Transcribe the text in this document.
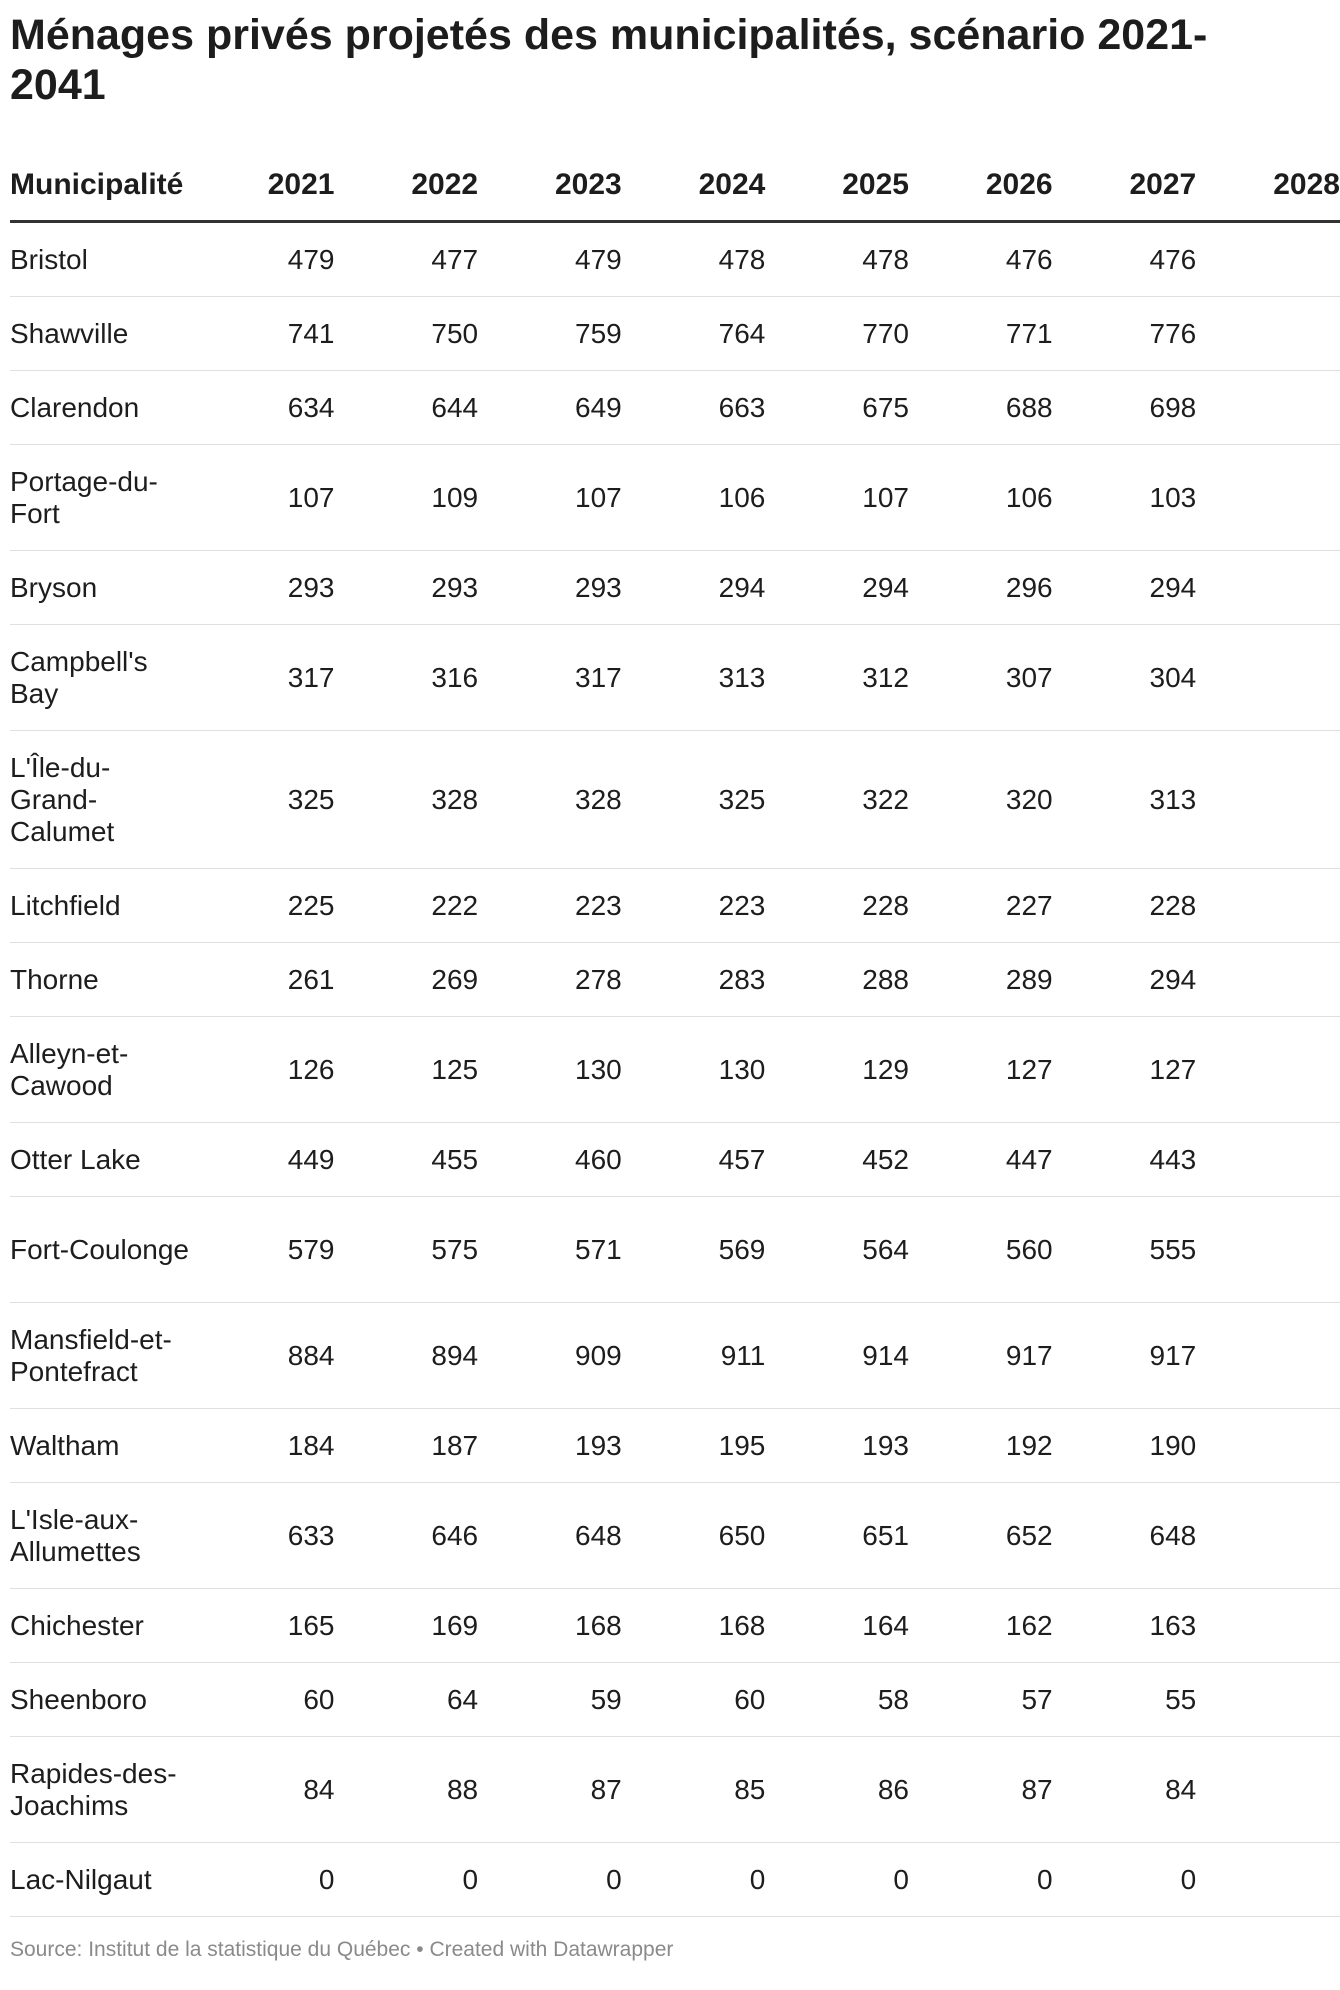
Ménages privés projetés des municipalités, scénario 2021-2041
Municipalité	2021	2022	2023	2024	2025	2026	2027	2028
Bristol	479	477	479	478	478	476	476	
Shawville	741	750	759	764	770	771	776	
Clarendon	634	644	649	663	675	688	698	
Portage-du-Fort	107	109	107	106	107	106	103	
Bryson	293	293	293	294	294	296	294	
Campbell's Bay	317	316	317	313	312	307	304	
L'Île-du-Grand-Calumet	325	328	328	325	322	320	313	
Litchfield	225	222	223	223	228	227	228	
Thorne	261	269	278	283	288	289	294	
Alleyn-et-Cawood	126	125	130	130	129	127	127	
Otter Lake	449	455	460	457	452	447	443	
Fort-Coulonge	579	575	571	569	564	560	555	
Mansfield-et-Pontefract	884	894	909	911	914	917	917	
Waltham	184	187	193	195	193	192	190	
L'Isle-aux-Allumettes	633	646	648	650	651	652	648	
Chichester	165	169	168	168	164	162	163	
Sheenboro	60	64	59	60	58	57	55	
Rapides-des-Joachims	84	88	87	85	86	87	84	
Lac-Nilgaut	0	0	0	0	0	0	0	
Source: Institut de la statistique du Québec • Created with Datawrapper
